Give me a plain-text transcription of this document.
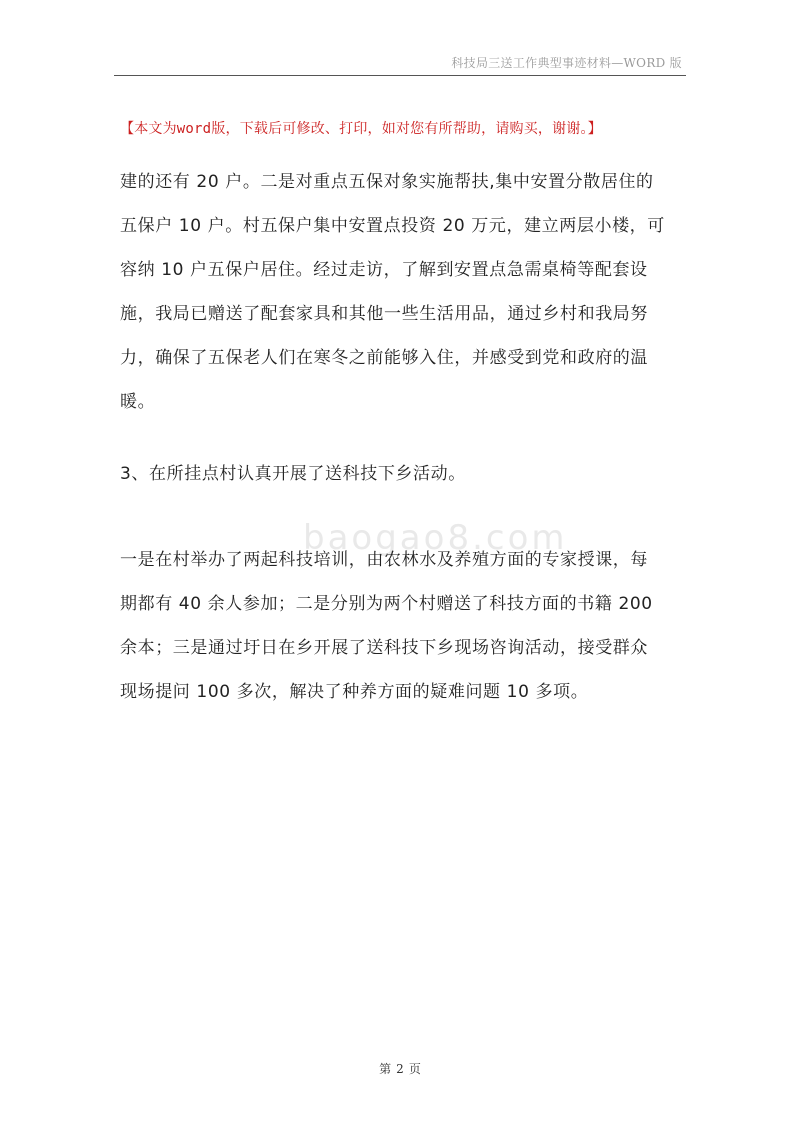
科技局三送工作典型事迹材料—WORD 版
【本文为word版，下载后可修改、打印，如对您有所帮助，请购买，谢谢。】
建的还有 20 户。二是对重点五保对象实施帮扶,集中安置分散居住的
五保户 10 户。村五保户集中安置点投资 20 万元，建立两层小楼，可
容纳 10 户五保户居住。经过走访，了解到安置点急需桌椅等配套设
施，我局已赠送了配套家具和其他一些生活用品，通过乡村和我局努
力，确保了五保老人们在寒冬之前能够入住，并感受到党和政府的温
暖。
3、在所挂点村认真开展了送科技下乡活动。
baogao8.com
一是在村举办了两起科技培训，由农林水及养殖方面的专家授课，每
期都有 40 余人参加；二是分别为两个村赠送了科技方面的书籍 200
余本；三是通过圩日在乡开展了送科技下乡现场咨询活动，接受群众
现场提问 100 多次，解决了种养方面的疑难问题 10 多项。
第 2 页
